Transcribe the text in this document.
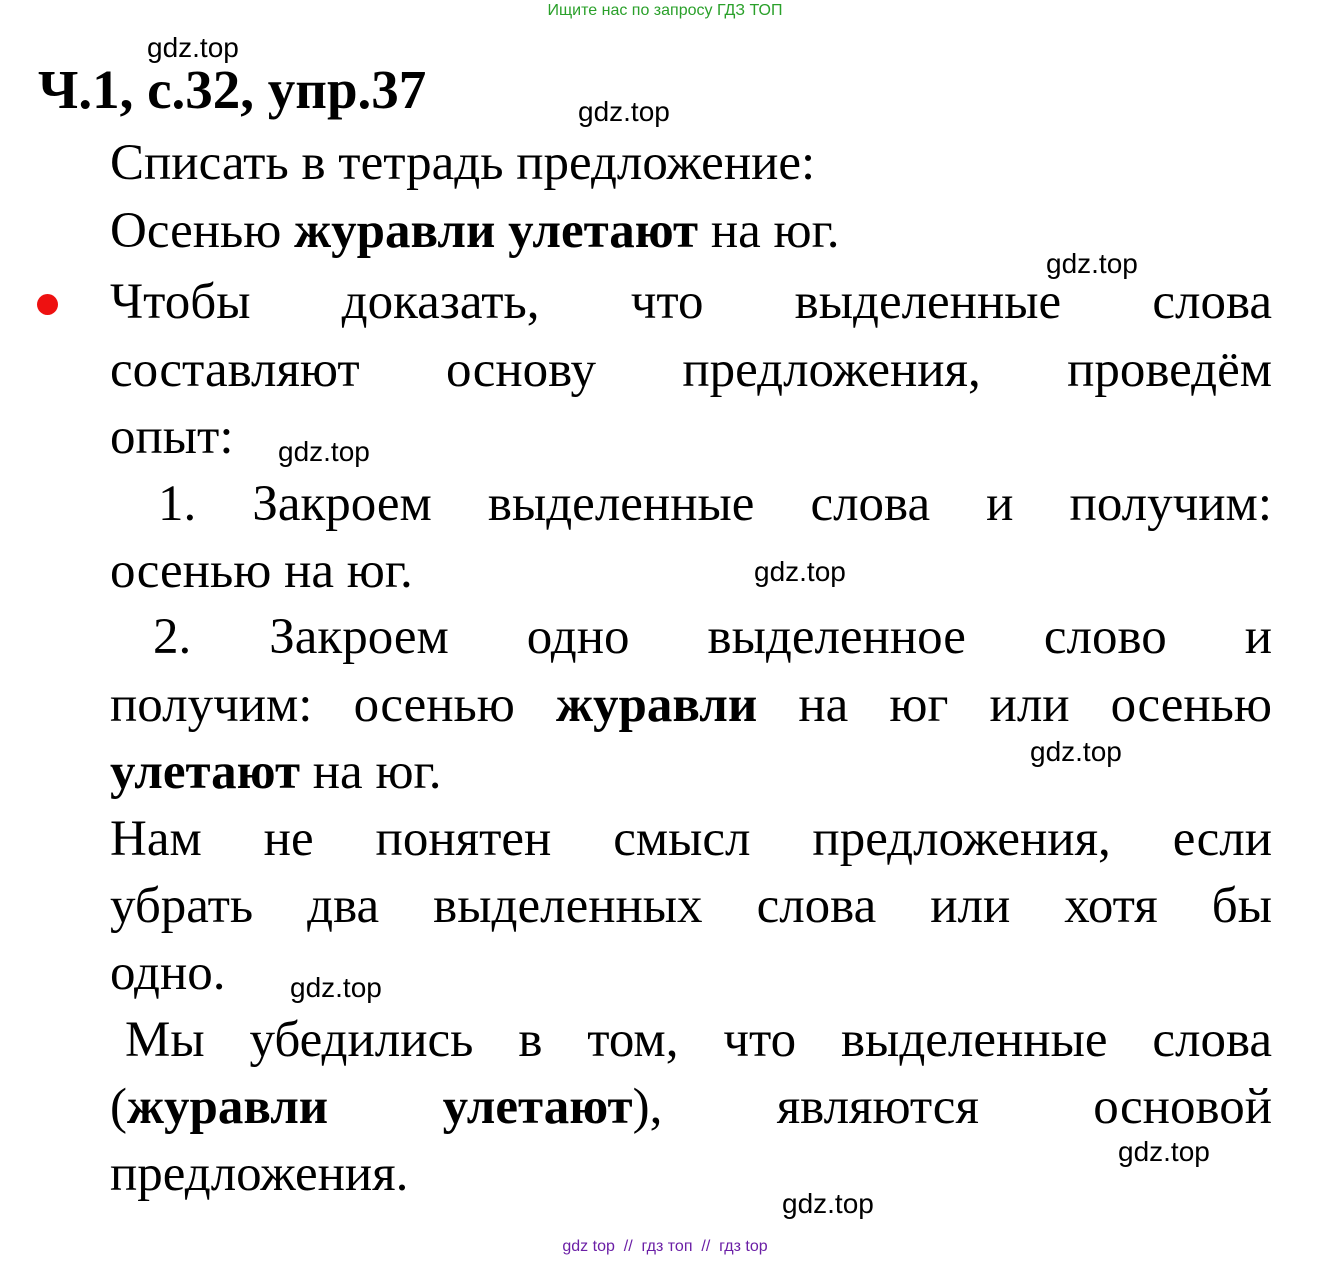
Ищите нас по запросу ГДЗ ТОП
gdz.top
Ч.1, с.32, упр.37	gdz.top
Списать в тетрадь предложение:
Осенью журавли улетают на юг.
gdz.top
Чтобы доказать, что выделенные слова
составляют основу предложения, проведём
опыт:	gdz.top
1. Закроем выделенные слова и получим:
осенью на юг.	gdz.top
2. Закроем одно выделенное слово и
получим: осенью журавли на юг или осенью
gdz.top
улетают на юг.
Нам не понятен смысл предложения, если
убрать два выделенных слова или хотя бы
одно.	gdz.top
Мы убедились в том, что выделенные слова
(журавли улетают), являются основой
gdz.top
предложения.
gdz.top
gdz top  //  гдз топ  //  гдз top
